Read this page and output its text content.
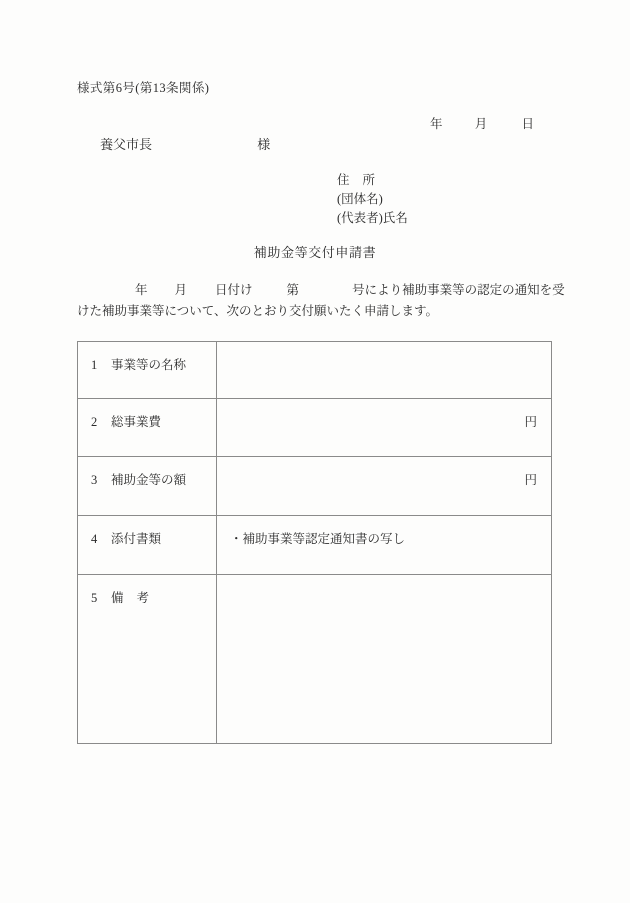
様式第6号(第13条関係)
年	月	日
養父市長	様
住 所
(団体名)
(代表者)氏名
補助金等交付申請書
年 月 日付け	第	号により補助事業等の認定の通知を受
けた補助事業等について、次のとおり交付願いたく申請します。
1 事業等の名称	
2 総事業費	円
3 補助金等の額	円
4 添付書類	・補助事業等認定通知書の写し

5 備 考	
